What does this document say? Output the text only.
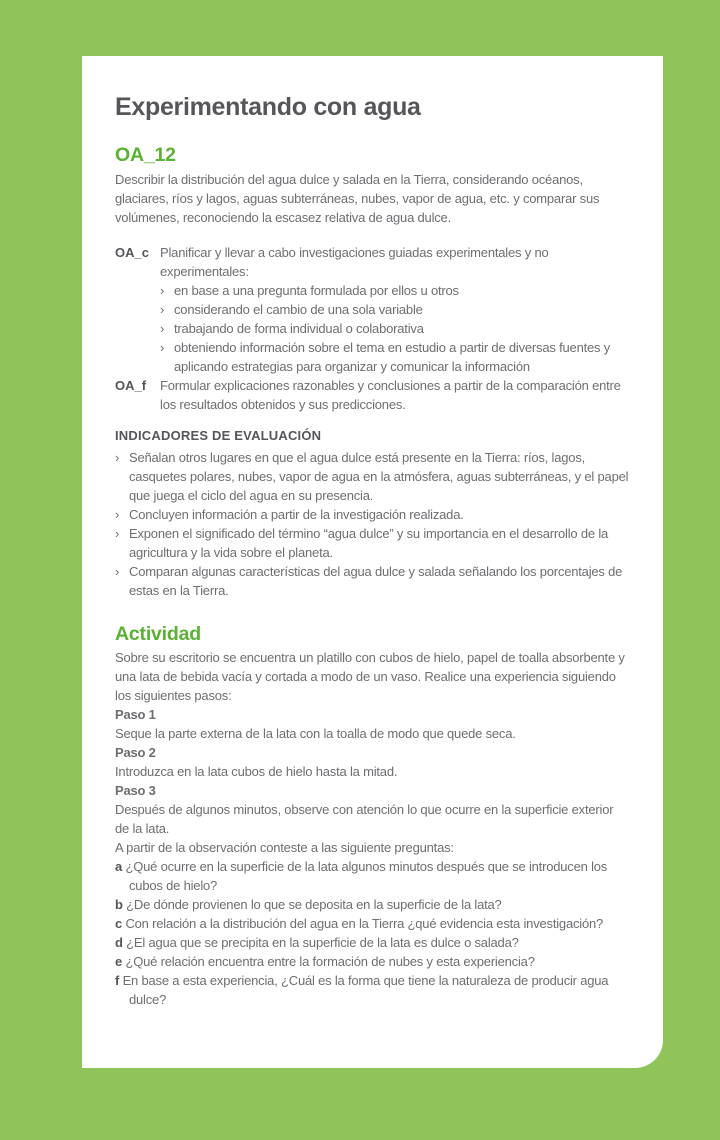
Experimentando con agua
OA_12

Describir la distribución del agua dulce y salada en la Tierra, considerando océanos, glaciares, ríos y lagos, aguas subterráneas, nubes, vapor de agua, etc. y comparar sus volúmenes, reconociendo la escasez relativa de agua dulce.

OA_c Planificar y llevar a cabo investigaciones guiadas experimentales y no experimentales:

› en base a una pregunta formulada por ellos u otros
› considerando el cambio de una sola variable
› trabajando de forma individual o colaborativa
› obteniendo información sobre el tema en estudio a partir de diversas fuentes y aplicando estrategias para organizar y comunicar la información
OA_f	Formular explicaciones razonables y conclusiones a partir de la comparación entre los resultados obtenidos y sus predicciones.

INDICADORES DE EVALUACIÓN
› Señalan otros lugares en que el agua dulce está presente en la Tierra: ríos, lagos, casquetes polares, nubes, vapor de agua en la atmósfera, aguas subterráneas, y el papel que juega el ciclo del agua en su presencia.
› Concluyen información a partir de la investigación realizada.
› Exponen el significado del término “agua dulce” y su importancia en el desarrollo de la agricultura y la vida sobre el planeta.
› Comparan algunas características del agua dulce y salada señalando los porcentajes de estas en la Tierra.
Actividad

Sobre su escritorio se encuentra un platillo con cubos de hielo, papel de toalla absorbente y una lata de bebida vacía y cortada a modo de un vaso. Realice una experiencia siguiendo los siguientes pasos:

Paso 1

Seque la parte externa de la lata con la toalla de modo que quede seca.

Paso 2

Introduzca en la lata cubos de hielo hasta la mitad.

Paso 3

Después de algunos minutos, observe con atención lo que ocurre en la superficie exterior de la lata.

A partir de la observación conteste a las siguiente preguntas:

a ¿Qué ocurre en la superficie de la lata algunos minutos después que se introducen los cubos de hielo?

b ¿De dónde provienen lo que se deposita en la superficie de la lata?

c Con relación a la distribución del agua en la Tierra ¿qué evidencia esta investigación?

d ¿El agua que se precipita en la superficie de la lata es dulce o salada?

e ¿Qué relación encuentra entre la formación de nubes y esta experiencia?

f En base a esta experiencia, ¿Cuál es la forma que tiene la naturaleza de producir agua dulce?
